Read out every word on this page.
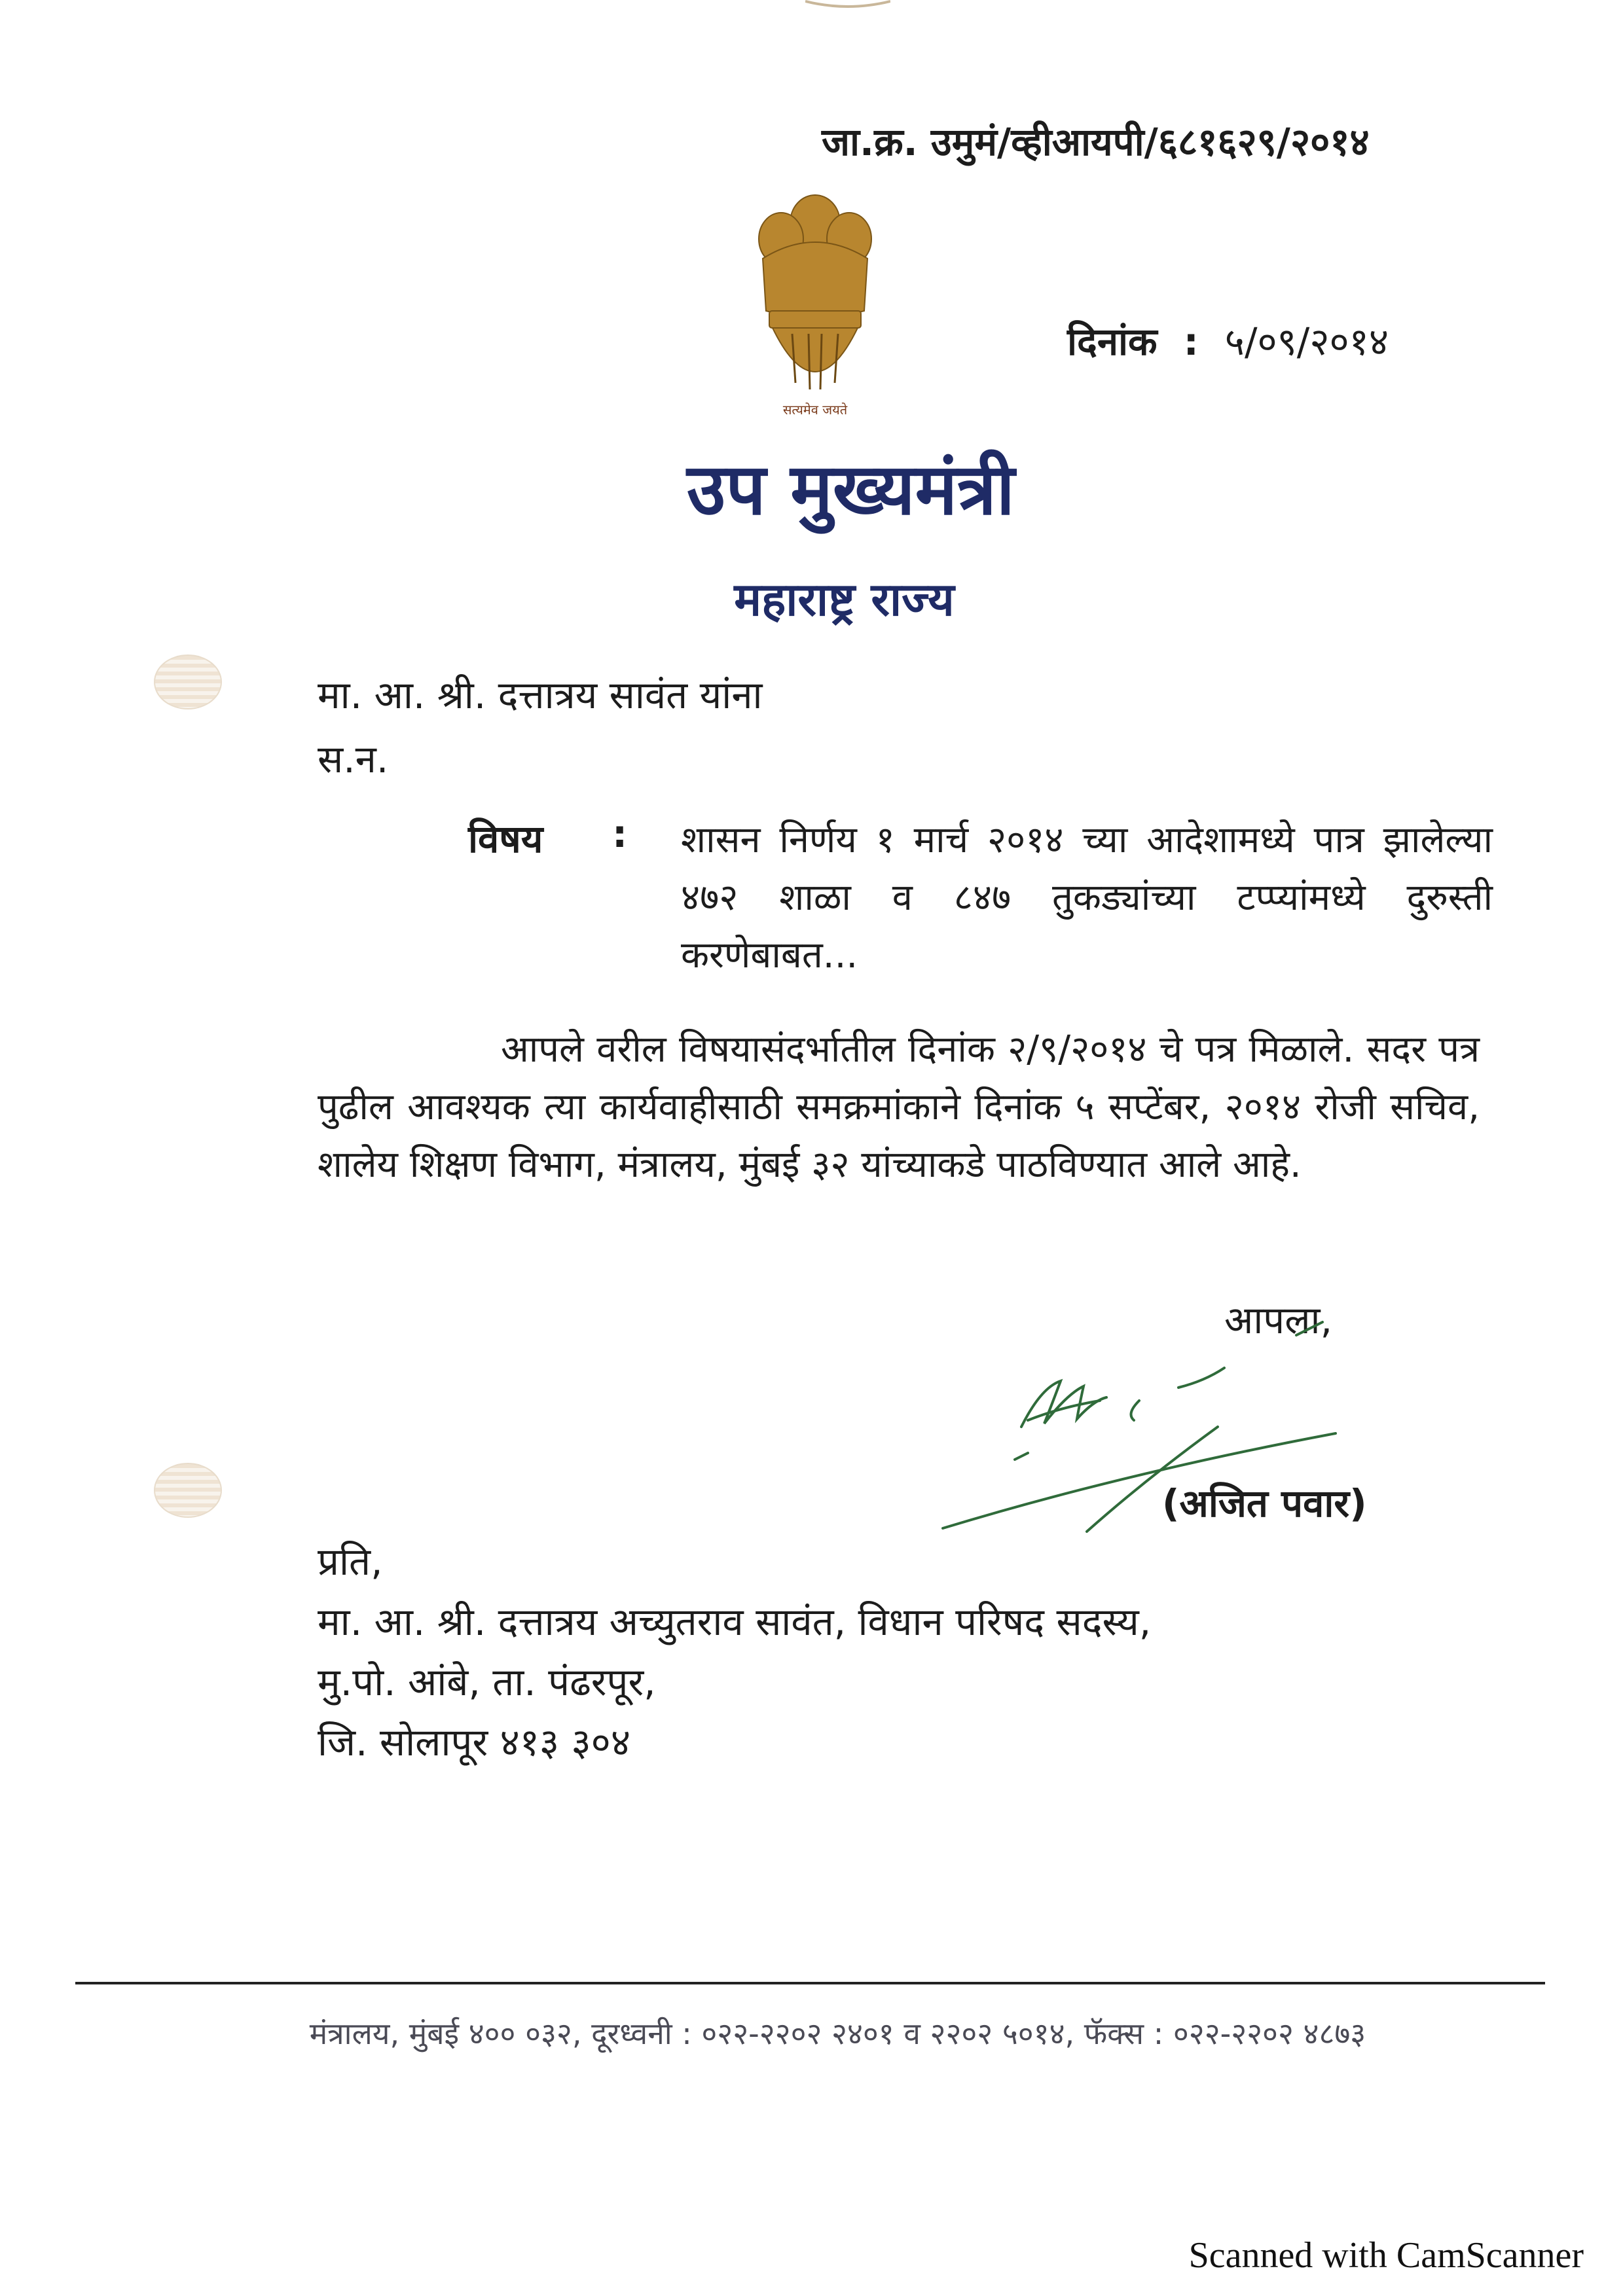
जा.क्र. उमुमं/व्हीआयपी/६८१६२९/२०१४
सत्यमेव जयते
दिनांक : ५/०९/२०१४
उप मुख्यमंत्री
महाराष्ट्र राज्य
मा. आ. श्री. दत्तात्रय सावंत यांना
स.न.
विषय : शासन निर्णय १ मार्च २०१४ च्या आदेशामध्ये पात्र झालेल्या ४७२ शाळा व ८४७ तुकड्यांच्या टप्प्यांमध्ये दुरुस्ती करणेबाबत...
आपले वरील विषयासंदर्भातील दिनांक २/९/२०१४ चे पत्र मिळाले. सदर पत्र पुढील आवश्यक त्या कार्यवाहीसाठी समक्रमांकाने दिनांक ५ सप्टेंबर, २०१४ रोजी सचिव, शालेय शिक्षण विभाग, मंत्रालय, मुंबई ३२ यांच्याकडे पाठविण्यात आले आहे.
आपला,
(अजित पवार)
प्रति,
मा. आ. श्री. दत्तात्रय अच्युतराव सावंत, विधान परिषद सदस्य,
मु.पो. आंबे, ता. पंढरपूर,
जि. सोलापूर ४१३ ३०४
मंत्रालय, मुंबई ४०० ०३२, दूरध्वनी : ०२२-२२०२ २४०१ व २२०२ ५०१४, फॅक्स : ०२२-२२०२ ४८७३
Scanned with CamScanner
